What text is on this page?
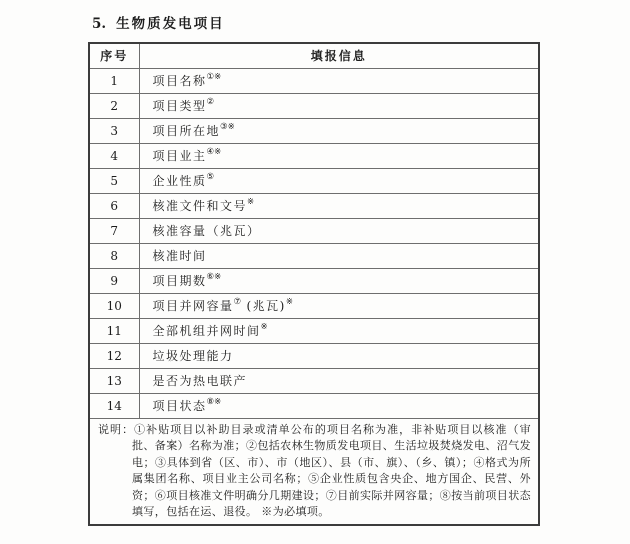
5. 生物质发电项目
序号	填报信息
1	项目名称①※
2	项目类型②
3	项目所在地③※
4	项目业主④※
5	企业性质⑤
6	核准文件和文号※
7	核准容量（兆瓦）
8	核准时间
9	项目期数⑥※
10	项目并网容量⑦ (兆瓦)※
11	全部机组并网时间※
12	垃圾处理能力
13	是否为热电联产
14	项目状态⑧※

说明：①补贴项目以补助目录或清单公布的项目名称为准，非补贴项目以核准（审批、备案）名称为准；②包括农林生物质发电项目、生活垃圾焚烧发电、沼气发电；③具体到省（区、市）、市（地区）、县（市、旗）、（乡、镇）；④格式为所属集团名称、项目业主公司名称；⑤企业性质包含央企、地方国企、民营、外资；⑥项目核准文件明确分几期建设；⑦目前实际并网容量；⑧按当前项目状态填写，包括在运、退役。 ※为必填项。	
